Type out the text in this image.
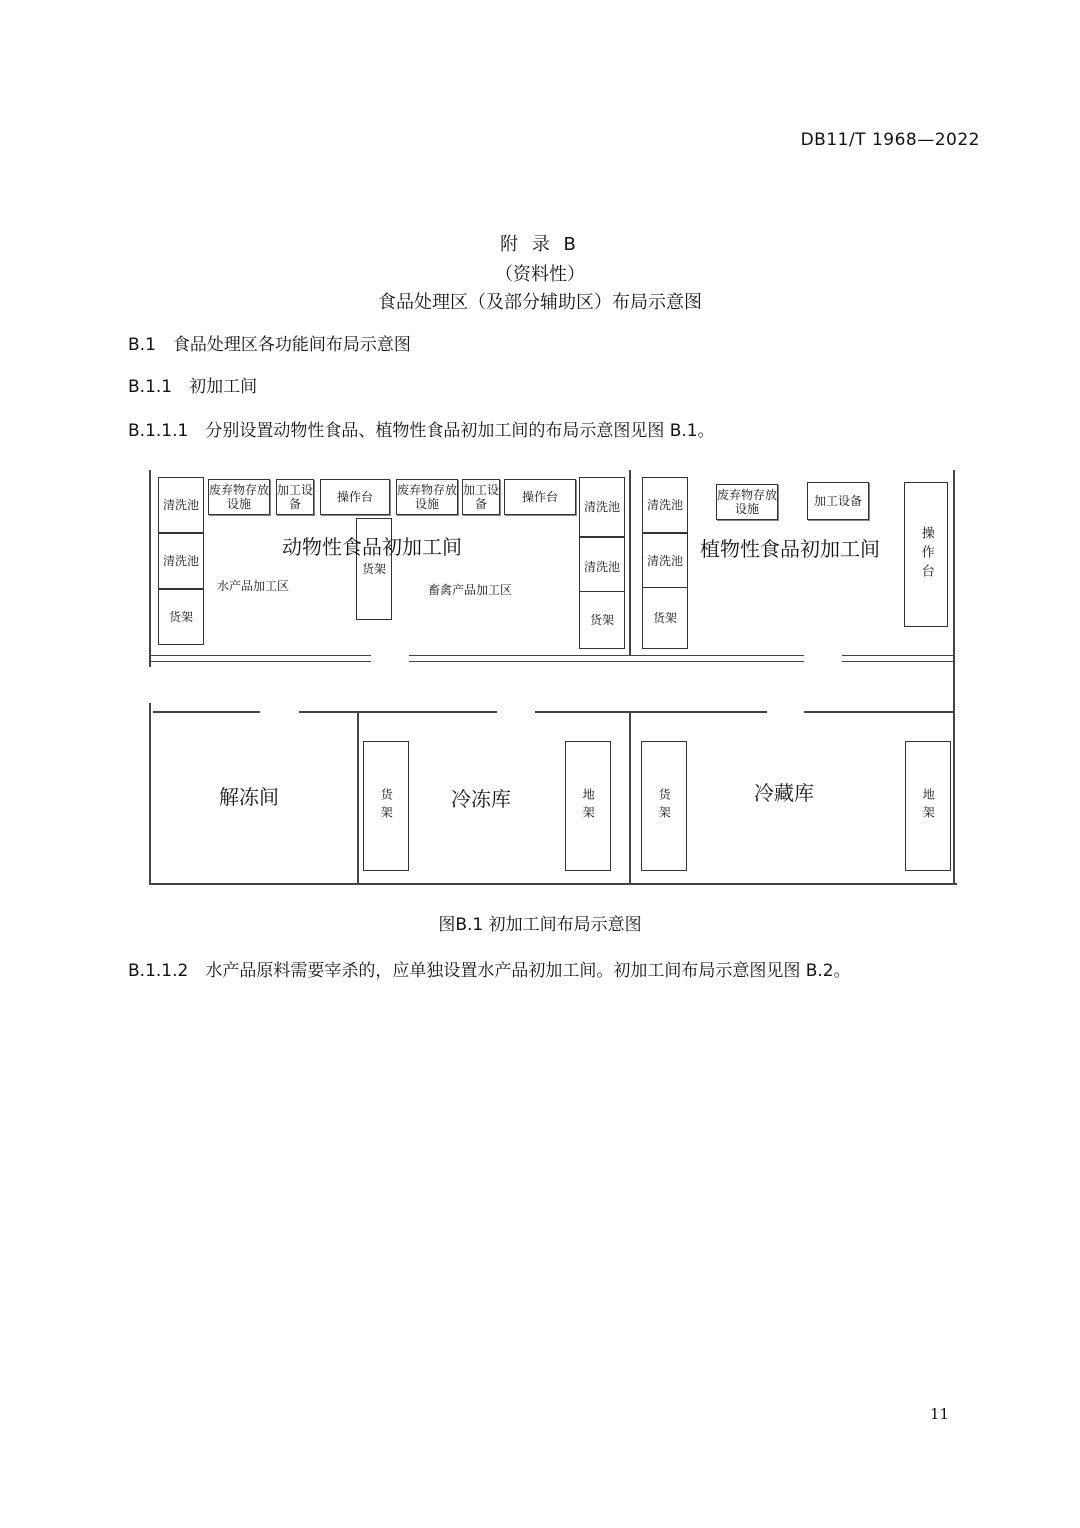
DB11/T 1968—2022
附 录 B
（资料性）
食品处理区（及部分辅助区）布局示意图
B.1　食品处理区各功能间布局示意图
B.1.1　初加工间
B.1.1.1　分别设置动物性食品、植物性食品初加工间的布局示意图见图 B.1。
清洗池
清洗池
货架
废弃物存放设施
加工设备
操作台
废弃物存放设施
加工设备
操作台
货架
清洗池
清洗池
货架
动物性食品初加工间
水产品加工区	畜禽产品加工区
清洗池
清洗池
货架
废弃物存放设施
加工设备
操作台
植物性食品初加工间
解冻间	货架	冷冻库	地架	货架	冷藏库	地架
图B.1 初加工间布局示意图
B.1.1.2　水产品原料需要宰杀的，应单独设置水产品初加工间。初加工间布局示意图见图 B.2。
11
